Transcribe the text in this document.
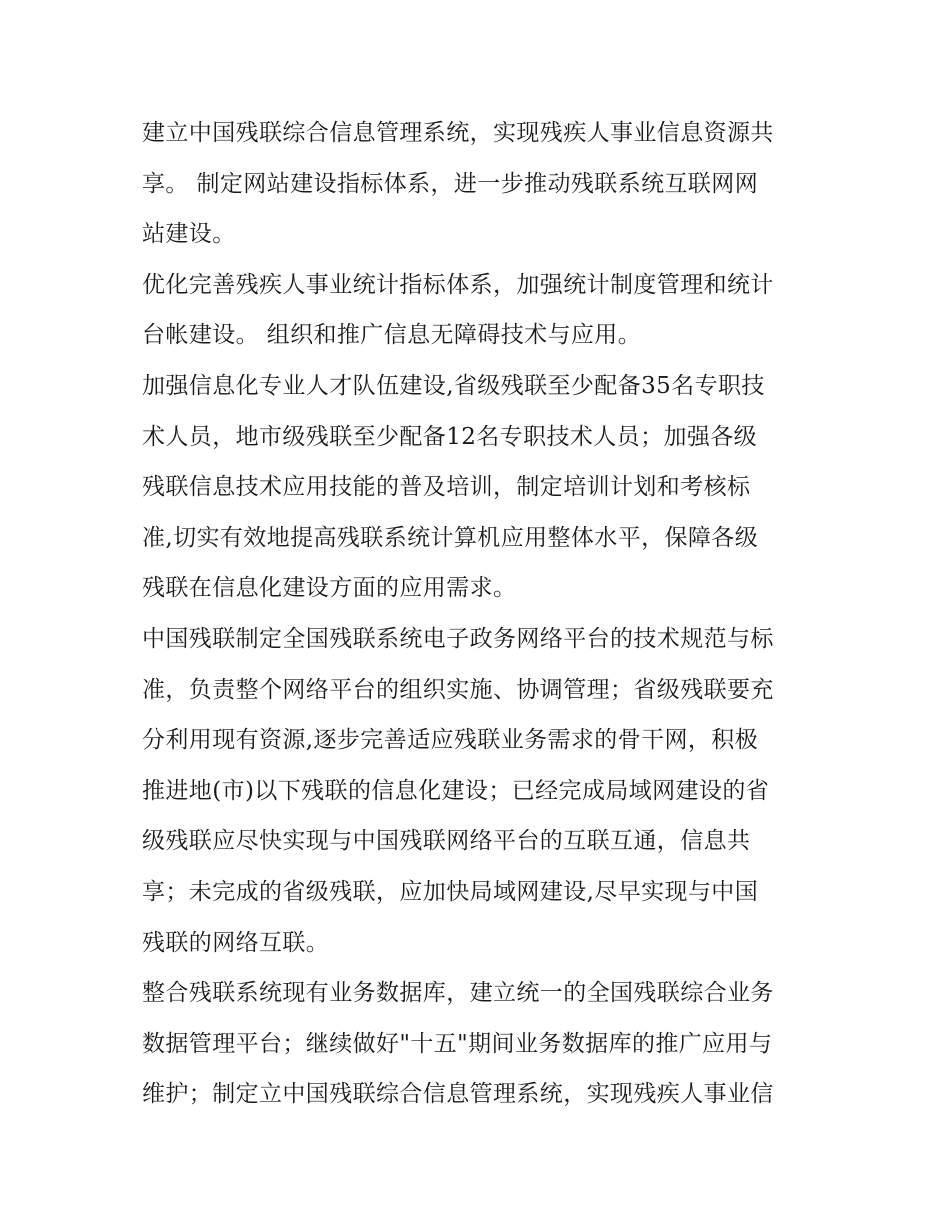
建立中国残联综合信息管理系统，实现残疾人事业信息资源共
享。 制定网站建设指标体系，进一步推动残联系统互联网网
站建设。

优化完善残疾人事业统计指标体系，加强统计制度管理和统计
台帐建设。 组织和推广信息无障碍技术与应用。

加强信息化专业人才队伍建设,省级残联至少配备35名专职技
术人员，地市级残联至少配备12名专职技术人员；加强各级
残联信息技术应用技能的普及培训，制定培训计划和考核标
准,切实有效地提高残联系统计算机应用整体水平，保障各级
残联在信息化建设方面的应用需求。

中国残联制定全国残联系统电子政务网络平台的技术规范与标
准，负责整个网络平台的组织实施、协调管理；省级残联要充
分利用现有资源,逐步完善适应残联业务需求的骨干网，积极
推进地(市)以下残联的信息化建设；已经完成局域网建设的省
级残联应尽快实现与中国残联网络平台的互联互通，信息共
享；未完成的省级残联，应加快局域网建设,尽早实现与中国
残联的网络互联。

整合残联系统现有业务数据库，建立统一的全国残联综合业务
数据管理平台；继续做好"十五"期间业务数据库的推广应用与
维护；制定立中国残联综合信息管理系统，实现残疾人事业信
